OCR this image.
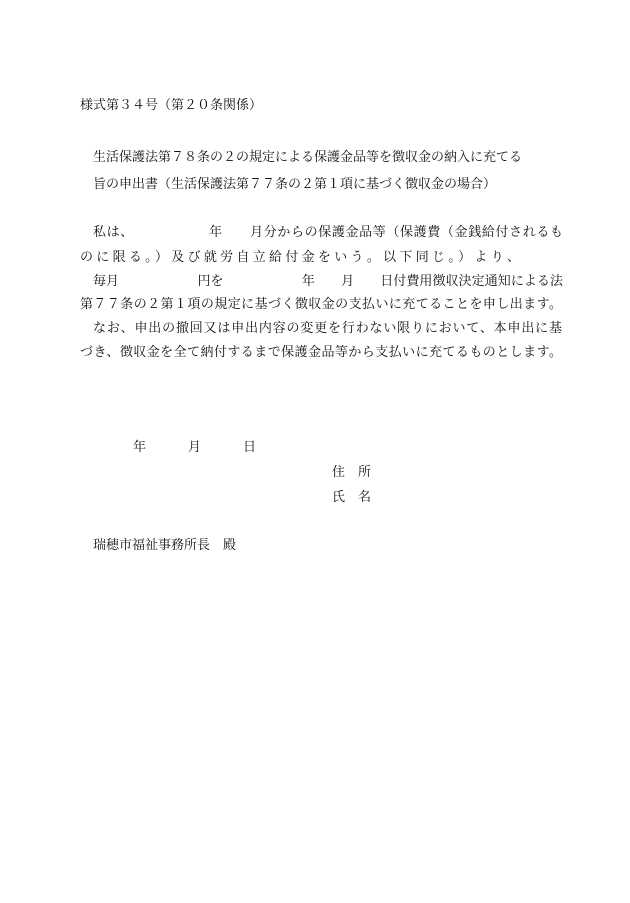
様式第３４号（第２０条関係）
生活保護法第７８条の２の規定による保護金品等を徴収金の納入に充てる
旨の申出書（生活保護法第７７条の２第１項に基づく徴収金の場合）
私は、　　　　　　年　　月分からの保護金品等（保護費（金銭給付されるも
のに限る。）及び就労自立給付金をいう。以下同じ。）より、
毎月　　　　　　円を　　　　　　年　　月　　日付費用徴収決定通知による法
第７７条の２第１項の規定に基づく徴収金の支払いに充てることを申し出ます。
なお、申出の撤回又は申出内容の変更を行わない限りにおいて、本申出に基
づき、徴収金を全て納付するまで保護金品等から支払いに充てるものとします。
年	月	日
住　所
氏　名
瑞穂市福祉事務所長　殿
